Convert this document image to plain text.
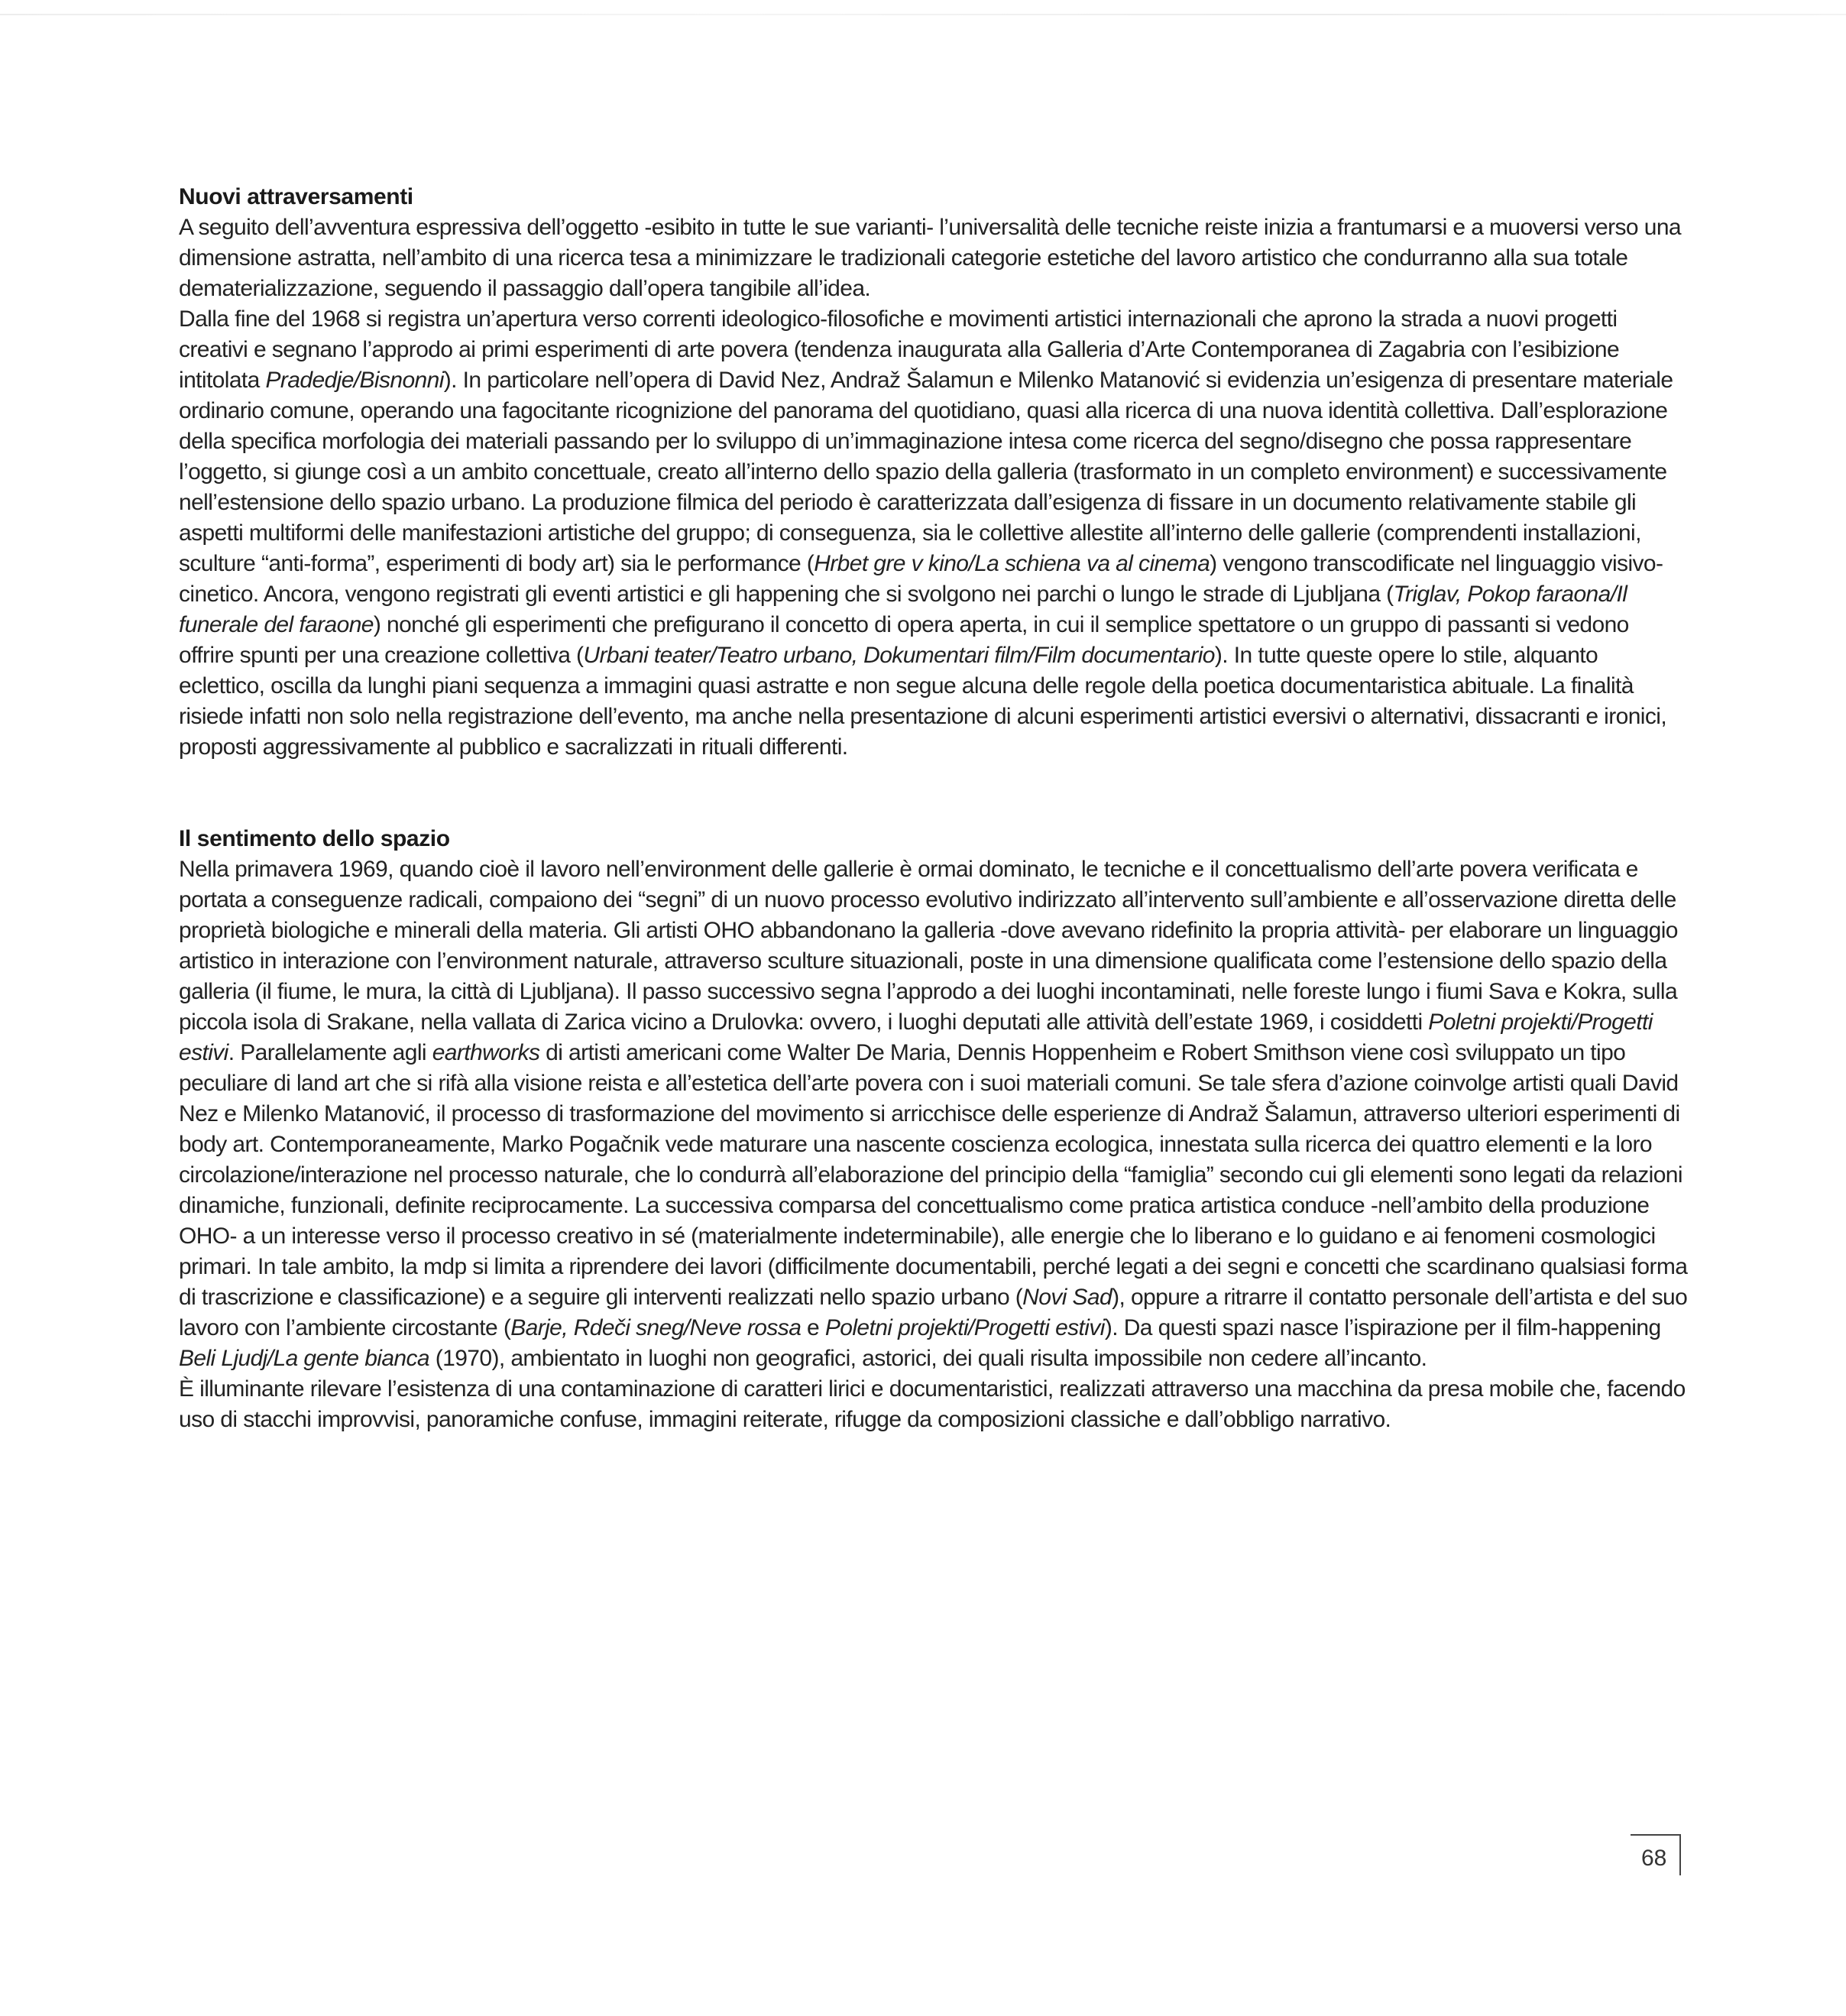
Nuovi attraversamenti

A seguito dell’avventura espressiva dell’oggetto -esibito in tutte le sue varianti- l’universalità delle tecniche reiste inizia a frantumarsi e a muoversi verso una dimensione astratta, nell’ambito di una ricerca tesa a minimizzare le tradizionali categorie estetiche del lavoro artistico che condurranno alla sua totale dematerializzazione, seguendo il passaggio dall’opera tangibile all’idea.

Dalla fine del 1968 si registra un’apertura verso correnti ideologico-filosofiche e movimenti artistici internazionali che aprono la strada a nuovi progetti creativi e segnano l’approdo ai primi esperimenti di arte povera (tendenza inaugurata alla Galleria d’Arte Contemporanea di Zagabria con l’esibizione intitolata Pradedje/Bisnonni). In particolare nell’opera di David Nez, Andraž Šalamun e Milenko Matanović si evidenzia un’esigenza di presentare materiale ordinario comune, operando una fagocitante ricognizione del panorama del quotidiano, quasi alla ricerca di una nuova identità collettiva. Dall’esplorazione della specifica morfologia dei materiali passando per lo sviluppo di un’immaginazione intesa come ricerca del segno/disegno che possa rappresentare l’oggetto, si giunge così a un ambito concettuale, creato all’interno dello spazio della galleria (trasformato in un completo environment) e successivamente nell’estensione dello spazio urbano. La produzione filmica del periodo è caratterizzata dall’esigenza di fissare in un documento relativamente stabile gli aspetti multiformi delle manifestazioni artistiche del gruppo; di conseguenza, sia le collettive allestite all’interno delle gallerie (comprendenti installazioni, sculture “anti-forma”, esperimenti di body art) sia le performance (Hrbet gre v kino/La schiena va al cinema) vengono transcodificate nel linguaggio visivo-cinetico. Ancora, vengono registrati gli eventi artistici e gli happening che si svolgono nei parchi o lungo le strade di Ljubljana (Triglav, Pokop faraona/Il funerale del faraone) nonché gli esperimenti che prefigurano il concetto di opera aperta, in cui il semplice spettatore o un gruppo di passanti si vedono offrire spunti per una creazione collettiva (Urbani teater/Teatro urbano, Dokumentari film/Film documentario). In tutte queste opere lo stile, alquanto eclettico, oscilla da lunghi piani sequenza a immagini quasi astratte e non segue alcuna delle regole della poetica documentaristica abituale. La finalità risiede infatti non solo nella registrazione dell’evento, ma anche nella presentazione di alcuni esperimenti artistici eversivi o alternativi, dissacranti e ironici, proposti aggressivamente al pubblico e sacralizzati in rituali differenti.

Il sentimento dello spazio

Nella primavera 1969, quando cioè il lavoro nell’environment delle gallerie è ormai dominato, le tecniche e il concettualismo dell’arte povera verificata e portata a conseguenze radicali, compaiono dei “segni” di un nuovo processo evolutivo indirizzato all’intervento sull’ambiente e all’osservazione diretta delle proprietà biologiche e minerali della materia. Gli artisti OHO abbandonano la galleria -dove avevano ridefinito la propria attività- per elaborare un linguaggio artistico in interazione con l’environment naturale, attraverso sculture situazionali, poste in una dimensione qualificata come l’estensione dello spazio della galleria (il fiume, le mura, la città di Ljubljana). Il passo successivo segna l’approdo a dei luoghi incontaminati, nelle foreste lungo i fiumi Sava e Kokra, sulla piccola isola di Srakane, nella vallata di Zarica vicino a Drulovka: ovvero, i luoghi deputati alle attività dell’estate 1969, i cosiddetti Poletni projekti/Progetti estivi. Parallelamente agli earthworks di artisti americani come Walter De Maria, Dennis Hoppenheim e Robert Smithson viene così sviluppato un tipo peculiare di land art che si rifà alla visione reista e all’estetica dell’arte povera con i suoi materiali comuni. Se tale sfera d’azione coinvolge artisti quali David Nez e Milenko Matanović, il processo di trasformazione del movimento si arricchisce delle esperienze di Andraž Šalamun, attraverso ulteriori esperimenti di body art. Contemporaneamente, Marko Pogačnik vede maturare una nascente coscienza ecologica, innestata sulla ricerca dei quattro elementi e la loro circolazione/interazione nel processo naturale, che lo condurrà all’elaborazione del principio della “famiglia” secondo cui gli elementi sono legati da relazioni dinamiche, funzionali, definite reciprocamente. La successiva comparsa del concettualismo come pratica artistica conduce -nell’ambito della produzione OHO- a un interesse verso il processo creativo in sé (materialmente indeterminabile), alle energie che lo liberano e lo guidano e ai fenomeni cosmologici primari. In tale ambito, la mdp si limita a riprendere dei lavori (difficilmente documentabili, perché legati a dei segni e concetti che scardinano qualsiasi forma di trascrizione e classificazione) e a seguire gli interventi realizzati nello spazio urbano (Novi Sad), oppure a ritrarre il contatto personale dell’artista e del suo lavoro con l’ambiente circostante (Barje, Rdeči sneg/Neve rossa e Poletni projekti/Progetti estivi). Da questi spazi nasce l’ispirazione per il film-happening Beli Ljudj/La gente bianca (1970), ambientato in luoghi non geografici, astorici, dei quali risulta impossibile non cedere all’incanto.

È illuminante rilevare l’esistenza di una contaminazione di caratteri lirici e documentaristici, realizzati attraverso una macchina da presa mobile che, facendo uso di stacchi improvvisi, panoramiche confuse, immagini reiterate, rifugge da composizioni classiche e dall’obbligo narrativo.

68
